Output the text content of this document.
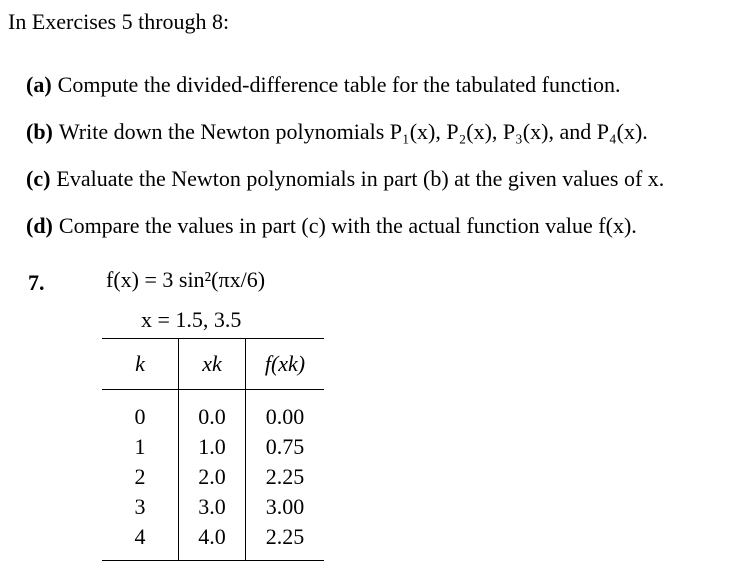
In Exercises 5 through 8:
(a) Compute the divided-difference table for the tabulated function.
(b) Write down the Newton polynomials P₁(x), P₂(x), P₃(x), and P₄(x).
(c) Evaluate the Newton polynomials in part (b) at the given values of x.
(d) Compare the values in part (c) with the actual function value f(x).
7.	f(x) = 3 sin²(πx/6)
x = 1.5, 3.5
k	xk	f(xk)
0	0.0	0.00
1	1.0	0.75
2	2.0	2.25
3	3.0	3.00
4	4.0	2.25
